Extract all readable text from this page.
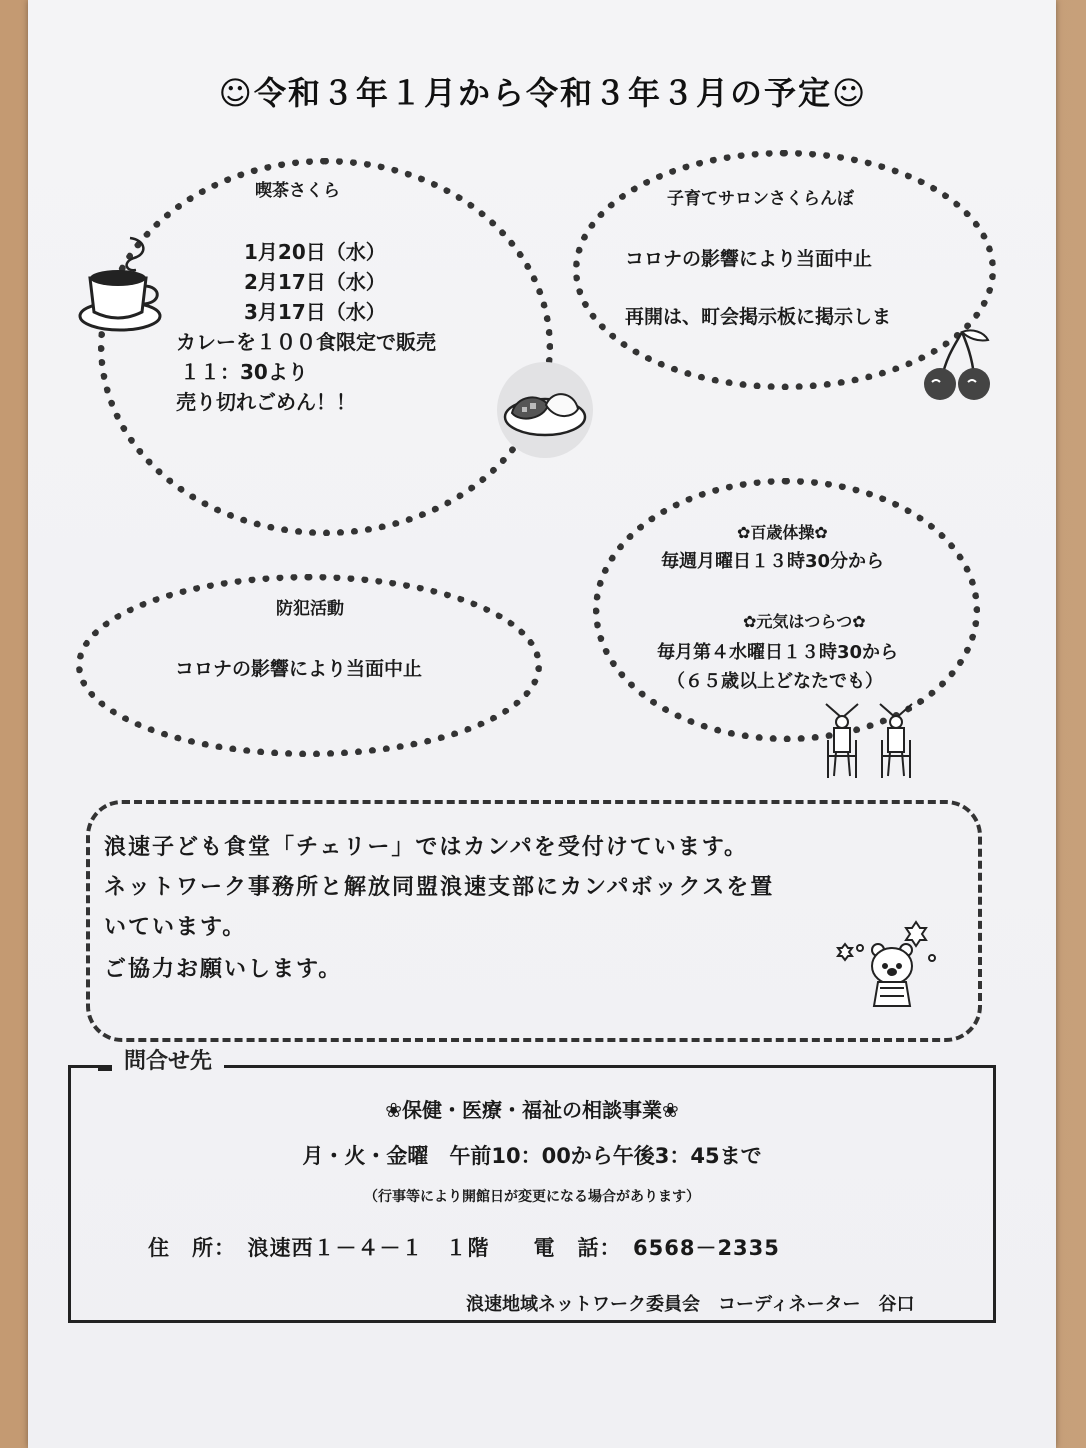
☺令和３年１月から令和３年３月の予定☺
喫茶さくら
1月20日（水）
2月17日（水）
3月17日（水）
カレーを１００食限定で販売
１１：30より
売り切れごめん！！
子育てサロンさくらんぼ
コロナの影響により当面中止
再開は、町会掲示板に掲示しま
✿百歳体操✿
毎週月曜日１３時30分から
✿元気はつらつ✿
毎月第４水曜日１３時30から
（６５歳以上どなたでも）
防犯活動
コロナの影響により当面中止
浪速子ども食堂「チェリー」ではカンパを受付けています。
ネットワーク事務所と解放同盟浪速支部にカンパボックスを置
いています。
ご協力お願いします。
問合せ先
❀保健・医療・福祉の相談事業❀
月・火・金曜　午前10：00から午後3：45まで
（行事等により開館日が変更になる場合があります）
住　所：　浪速西１－４－１　１階　　電　話：　6568－2335
浪速地域ネットワーク委員会　コーディネーター　谷口
